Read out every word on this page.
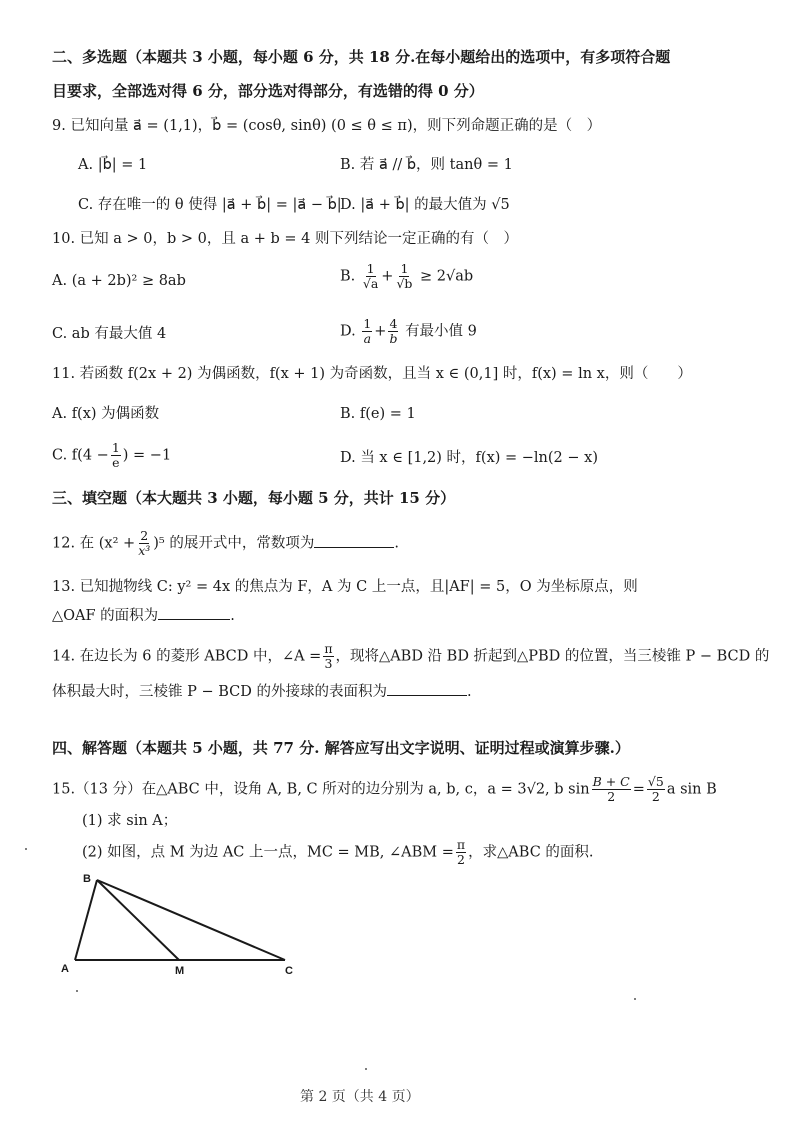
二、多选题（本题共 3 小题，每小题 6 分，共 18 分.在每小题给出的选项中，有多项符合题
目要求，全部选对得 6 分，部分选对得部分，有选错的得 0 分）
9. 已知向量 a⃗ = (1,1)，b⃗ = (cosθ, sinθ) (0 ≤ θ ≤ π)，则下列命题正确的是（　）
A. |b⃗| = 1	B. 若 a⃗ // b⃗，则 tanθ = 1
C. 存在唯一的 θ 使得 |a⃗ + b⃗| = |a⃗ − b⃗|
D. |a⃗ + b⃗| 的最大值为 √5
10. 已知 a > 0，b > 0，且 a + b = 4 则下列结论一定正确的有（　）
A. (a + 2b)² ≥ 8ab	B. $\frac{1}{√a} + \frac{1}{√b} \ge 2√ab$
C. ab 有最大值 4	D. $\frac{1}{a} + \frac{4}{b}$ 有最小值 9
11. 若函数 f(2x + 2) 为偶函数，f(x + 1) 为奇函数，且当 x ∈ (0,1] 时，f(x) = ln x，则（　　）
A. f(x) 为偶函数	B. f(e) = 1
C. $f(4 - \frac{1}{e}$ ) = −1	D. 当 x ∈ [1,2) 时，f(x) = −ln(2 − x)
三、填空题（本大题共 3 小题，每小题 5 分，共计 15 分）
12. 在 $(x^2 + \frac{2}{\text{x³}} )^5$ 的展开式中，常数项为	.
13. 已知抛物线 C: y² = 4x 的焦点为 F，A 为 C 上一点，且|AF| = 5，O 为坐标原点，则
△OAF 的面积为	.
14. 在边长为 6 的菱形 ABCD 中，∠A = $\frac{\pi}{3}$ ，现将△ABD 沿 BD 折起到△PBD 的位置，当三棱锥 P − BCD 的
体积最大时，三棱锥 P − BCD 的外接球的表面积为	.
四、解答题（本题共 5 小题，共 77 分. 解答应写出文字说明、证明过程或演算步骤.）
15.（13 分）在△ABC 中，设角 A, B, C 所对的边分别为 a, b, c，a = 3√2, b $\sin \frac{B + C}{2} = \frac{√5}{2}$ a sin B
(1) 求 sin A；
(2) 如图，点 M 为边 AC 上一点，MC = MB, ∠ABM = $\frac{\pi}{2}$ ，求△ABC 的面积.
B
A	M	C
第 2 页（共 4 页）
